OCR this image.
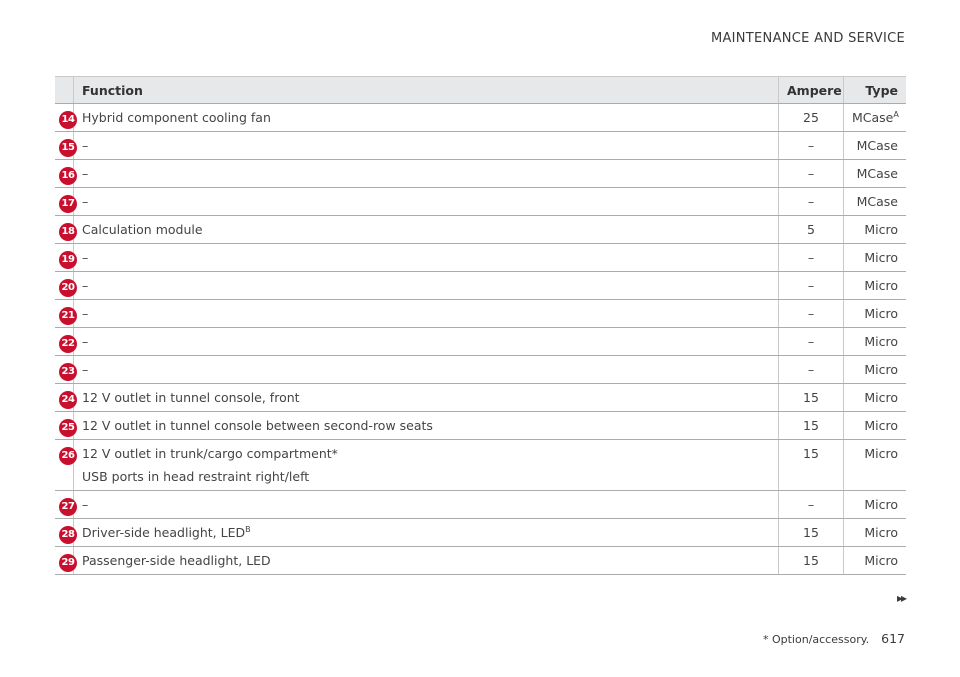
MAINTENANCE AND SERVICE
	Function	Ampere	Type
14	Hybrid component cooling fan	25	MCase$^A$
15	–	–	MCase
16	–	–	MCase
17	–	–	MCase
18	Calculation module	5	Micro
19	–	–	Micro
20	–	–	Micro
21	–	–	Micro
22	–	–	Micro
23	–	–	Micro
24	12 V outlet in tunnel console, front	15	Micro
25	12 V outlet in tunnel console between second-row seats	15	Micro
26	12 V outlet in trunk/cargo compartment*
USB ports in head restraint right/left	15	Micro
27	–	–	Micro
28	Driver-side headlight, $LED^B$	15	Micro
29	Passenger-side headlight, LED	15	Micro
▸▸
* Option/accessory. 617
